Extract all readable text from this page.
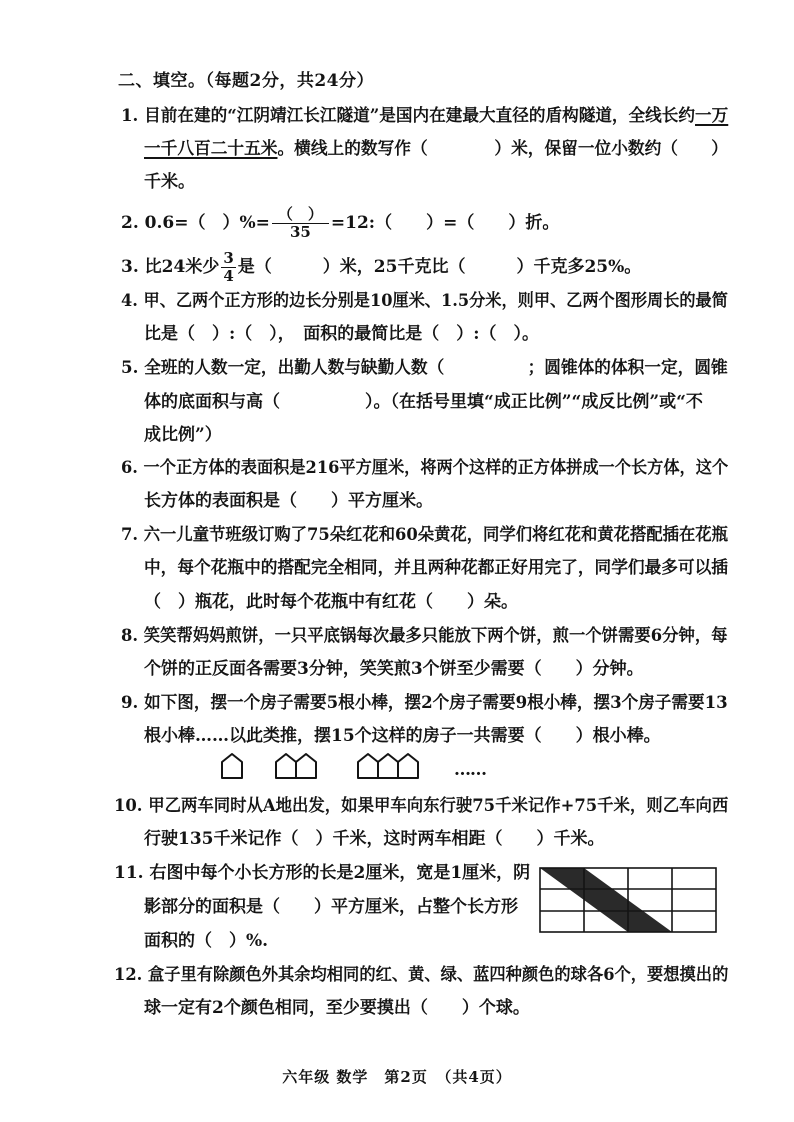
二、填空。（每题2分，共24分）
1. 目前在建的“江阴靖江长江隧道”是国内在建最大直径的盾构隧道，全线长约一万
一千八百二十五米。横线上的数写作（　　　　）米，保留一位小数约（　　）
千米。
2. 0.6=（　）%= $\frac{( )}{35}$ =12:（　　）=（　　）折。
3. 比24米少 $\frac{3}{4}$ 是（　　　）米，25千克比（　　　）千克多25%。
4. 甲、乙两个正方形的边长分别是10厘米、1.5分米，则甲、乙两个图形周长的最简
比是（　）:（　），　面积的最简比是（　）:（　）。
5. 全班的人数一定，出勤人数与缺勤人数（　　　　　；圆锥体的体积一定，圆锥
体的底面积与高（　　　　　）。（在括号里填“成正比例”“成反比例”或“不
成比例”）
6. 一个正方体的表面积是216平方厘米，将两个这样的正方体拼成一个长方体，这个
长方体的表面积是（　　）平方厘米。
7. 六一儿童节班级订购了75朵红花和60朵黄花，同学们将红花和黄花搭配插在花瓶
中，每个花瓶中的搭配完全相同，并且两种花都正好用完了，同学们最多可以插
（　）瓶花，此时每个花瓶中有红花（　　）朵。
8. 笑笑帮妈妈煎饼，一只平底锅每次最多只能放下两个饼，煎一个饼需要6分钟，每
个饼的正反面各需要3分钟，笑笑煎3个饼至少需要（　　）分钟。
9. 如下图，摆一个房子需要5根小棒，摆2个房子需要9根小棒，摆3个房子需要13
根小棒……以此类推，摆15个这样的房子一共需要（　　）根小棒。
……
10. 甲乙两车同时从A地出发，如果甲车向东行驶75千米记作+75千米，则乙车向西
行驶135千米记作（　）千米，这时两车相距（　　）千米。
11. 右图中每个小长方形的长是2厘米，宽是1厘米，阴
影部分的面积是（　　）平方厘米，占整个长方形
面积的（　）%.
12. 盒子里有除颜色外其余均相同的红、黄、绿、蓝四种颜色的球各6个，要想摸出的
球一定有2个颜色相同，至少要摸出（　　）个球。
六年级 数学　第2页　（共4页）
